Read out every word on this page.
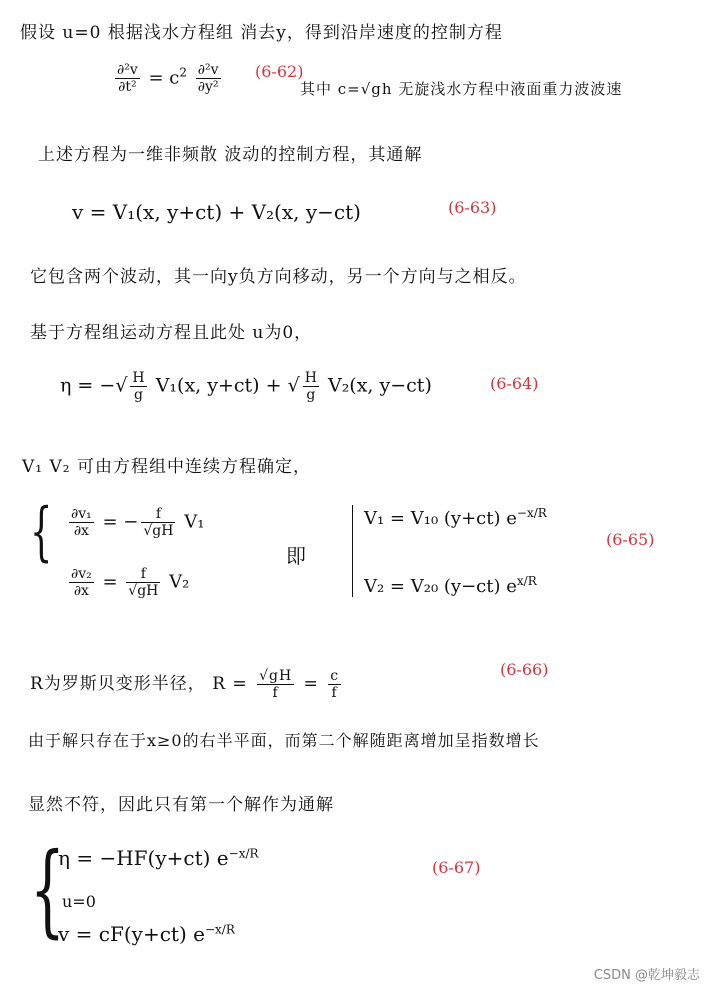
假设 u=0 根据浅水方程组 消去y，得到沿岸速度的控制方程
$\frac{\text{∂²v}}{\text{∂t²}} = c^2 \frac{\text{∂²v}}{\text{∂y²}} (6-62)$
其中 c=√gh 无旋浅水方程中液面重力波波速
上述方程为一维非频散 波动的控制方程，其通解
v = V₁(x, y+ct) + V₂(x, y−ct)	(6-63)
它包含两个波动，其一向y负方向移动，另一个方向与之相反。
基于方程组运动方程且此处 u为0，
η = −√ $\frac{H}{g} V_1(x$, y+ct) + √ $\frac{H}{g} V_2(x$, y−ct)	(6-64)
V₁ V₂ 可由方程组中连续方程确定，
{ $\frac{\text{∂v₁}}{\partial x}$ = − $\frac{f}{√gH} V_1$
$\frac{\text{∂v₂}}{\partial x} = \frac{f}{√gH} V_2$
即
V₁ = V₁₀ (y+ct) $e^{-x/R}$
V₂ = V₂₀ (y−ct) $e^{x/R}$
(6-65)
R为罗斯贝变形半径， $R = \frac{√gH}{f} = \frac{c}{f}$	(6-66)
由于解只存在于x≥0的右半平面，而第二个解随距离增加呈指数增长
显然不符，因此只有第一个解作为通解
{
η = −HF(y+ct) $e^{-x/R}$
u=0
v = cF(y+ct) $e^{-x/R}$
(6-67)
CSDN @乾坤毅志
